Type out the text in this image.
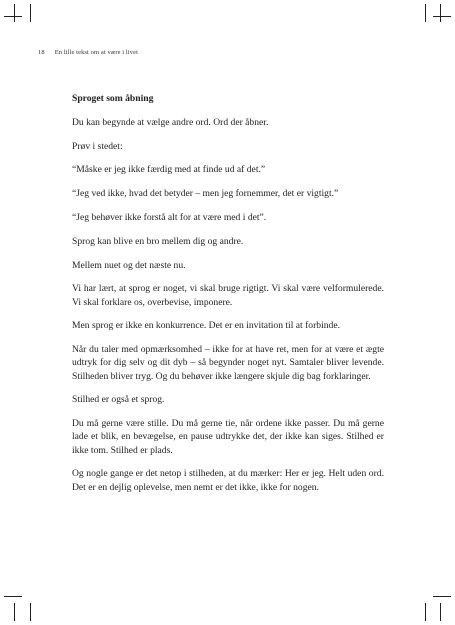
18 En lille tekst om at være i livet

Sproget som åbning

Du kan begynde at vælge andre ord. Ord der åbner.

Prøv i stedet:

“Måske er jeg ikke færdig med at finde ud af det.”

“Jeg ved ikke, hvad det betyder – men jeg fornemmer, det er vigtigt.”

“Jeg behøver ikke forstå alt for at være med i det”.

Sprog kan blive en bro mellem dig og andre.

Mellem nuet og det næste nu.

Vi har lært, at sprog er noget, vi skal bruge rigtigt. Vi skal være velformulerede. Vi skal forklare os, overbevise, imponere.

Men sprog er ikke en konkurrence. Det er en invitation til at forbinde.

Når du taler med opmærksomhed – ikke for at have ret, men for at være et ægte udtryk for dig selv og dit dyb – så begynder noget nyt. Samtaler bliver levende. Stilheden bliver tryg. Og du behøver ikke længere skjule dig bag forklaringer.

Stilhed er også et sprog.

Du må gerne være stille. Du må gerne tie, når ordene ikke passer. Du må gerne lade et blik, en bevægelse, en pause udtrykke det, der ikke kan siges. Stilhed er ikke tom. Stilhed er plads.

Og nogle gange er det netop i stilheden, at du mærker: Her er jeg. Helt uden ord. Det er en dejlig oplevelse, men nemt er det ikke, ikke for nogen.
